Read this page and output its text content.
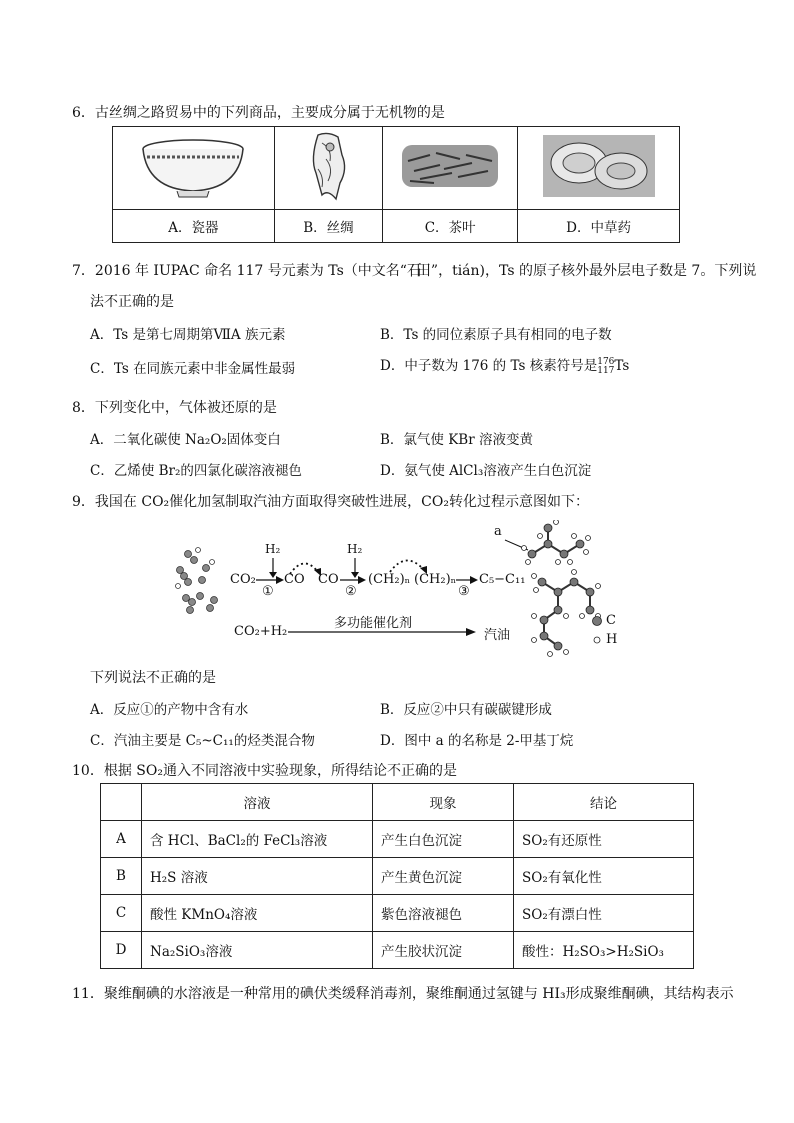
6．古丝绸之路贸易中的下列商品，主要成分属于无机物的是

A．瓷器	B．丝绸	C．茶叶	D．中草药
7．2016 年 IUPAC 命名 117 号元素为 Ts（中文名“石田 ”，tián)，Ts 的原子核外最外层电子数是 7。下列说
法不正确的是
A．Ts 是第七周期第ⅦA 族元素	B．Ts 的同位素原子具有相同的电子数
C．Ts 在同族元素中非金属性最弱	D．中子数为 176 的 Ts 核素符号是176
117Ts
8．下列变化中，气体被还原的是
A．二氧化碳使 Na₂O₂固体变白	B．氯气使 KBr 溶液变黄
C．乙烯使 Br₂的四氯化碳溶液褪色	D．氨气使 AlCl₃溶液产生白色沉淀
9．我国在 CO₂催化加氢制取汽油方面取得突破性进展，CO₂转化过程示意图如下：
H₂	H₂
CO₂ CO CO (CH₂)ₙ (CH₂)ₙ C₅−C₁₁
①	②	③
CO₂+H₂
多功能催化剂
汽油
a
C
H
下列说法不正确的是
A．反应①的产物中含有水	B．反应②中只有碳碳键形成
C．汽油主要是 C₅~C₁₁的烃类混合物	D．图中 a 的名称是 2-甲基丁烷
10．根据 SO₂通入不同溶液中实验现象，所得结论不正确的是
	溶液	现象	结论
A	含 HCl、BaCl₂的 FeCl₃溶液	产生白色沉淀	SO₂有还原性
B	H₂S 溶液	产生黄色沉淀	SO₂有氧化性
C	酸性 KMnO₄溶液	紫色溶液褪色	SO₂有漂白性
D	Na₂SiO₃溶液	产生胶状沉淀	酸性：H₂SO₃>H₂SiO₃
11．聚维酮碘的水溶液是一种常用的碘伏类缓释消毒剂，聚维酮通过氢键与 HI₃形成聚维酮碘，其结构表示
